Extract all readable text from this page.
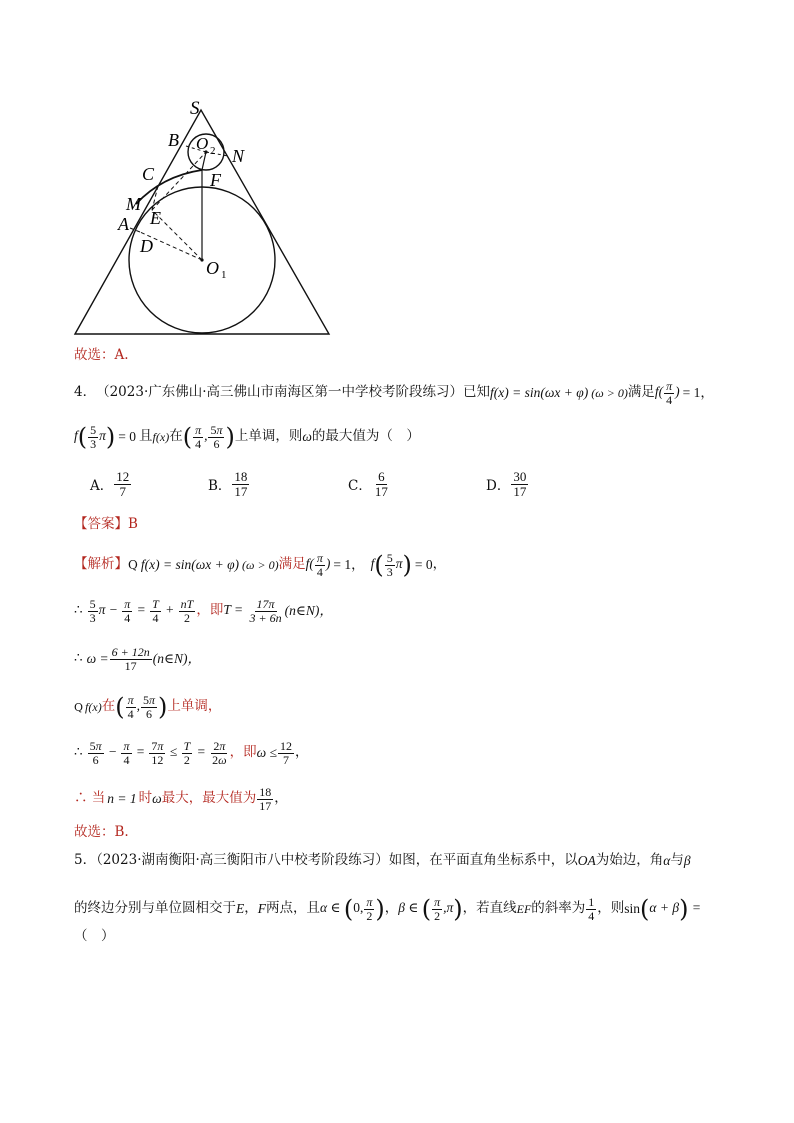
S
B O 2 N
C	F
M
E
A
D
O 1
故选：A.
4． （2023·广东佛山·高三佛山市南海区第一中学校考阶段练习）已知 f(x) = sin(ωx + φ) (ω > 0) 满足 $f( \frac{\pi}{4}$ ) = 1，
$f( \frac{5}{3} \pi) = 0$ 且 f(x) 在 ( $\frac{\pi}{4}$ , $\frac{5\pi}{6}$ ) 上单调，则 ω 的最大值为（　）
A． $\frac{12}{7}$	B． $\frac{18}{17}$	C． $\frac{6}{17}$	D． $\frac{30}{17}$
【答案】B
【解析】 Q f(x) = sin(ωx + φ) (ω > 0) 满足 $f( \frac{\pi}{4}$ ) = 1， $f( \frac{5}{3} \pi) = 0$ ，
∴ $\frac{5}{3}$ $\pi - \frac{\pi}{4} = \frac{T}{4} + \frac{nT}{2}$ ，即 $T = \frac{17\pi}{3 + 6n}$ (n∈N)，
∴ $\omega = \frac{6 + 12n}{17}$ (n∈N)，
Q f(x) 在 ( $\frac{\pi}{4}$ , $\frac{5\pi}{6}$ ) 上单调，
∴ $\frac{5\pi}{6} - \frac{\pi}{4} = \frac{7\pi}{12} \le \frac{T}{2} = \frac{2\pi}{2\omega}$ ，即 $\omega \le \frac{12}{7}$ ，
∴ 当 n = 1 时 ω 最大，最大值为 $\frac{18}{17}$ ，
故选：B.
5．（2023·湖南衡阳·高三衡阳市八中校考阶段练习）如图，在平面直角坐标系中，以 OA 为始边，角 α 与 β
的终边分别与单位圆相交于 E ， F 两点，且 α ∈ (0, $\frac{\pi}{2}$ ) ， β ∈ ( $\frac{\pi}{2} ,\pi$) ，若直线 EF 的斜率为 $\frac{1}{4}$ ，则 sin (α + β) =
（　）
